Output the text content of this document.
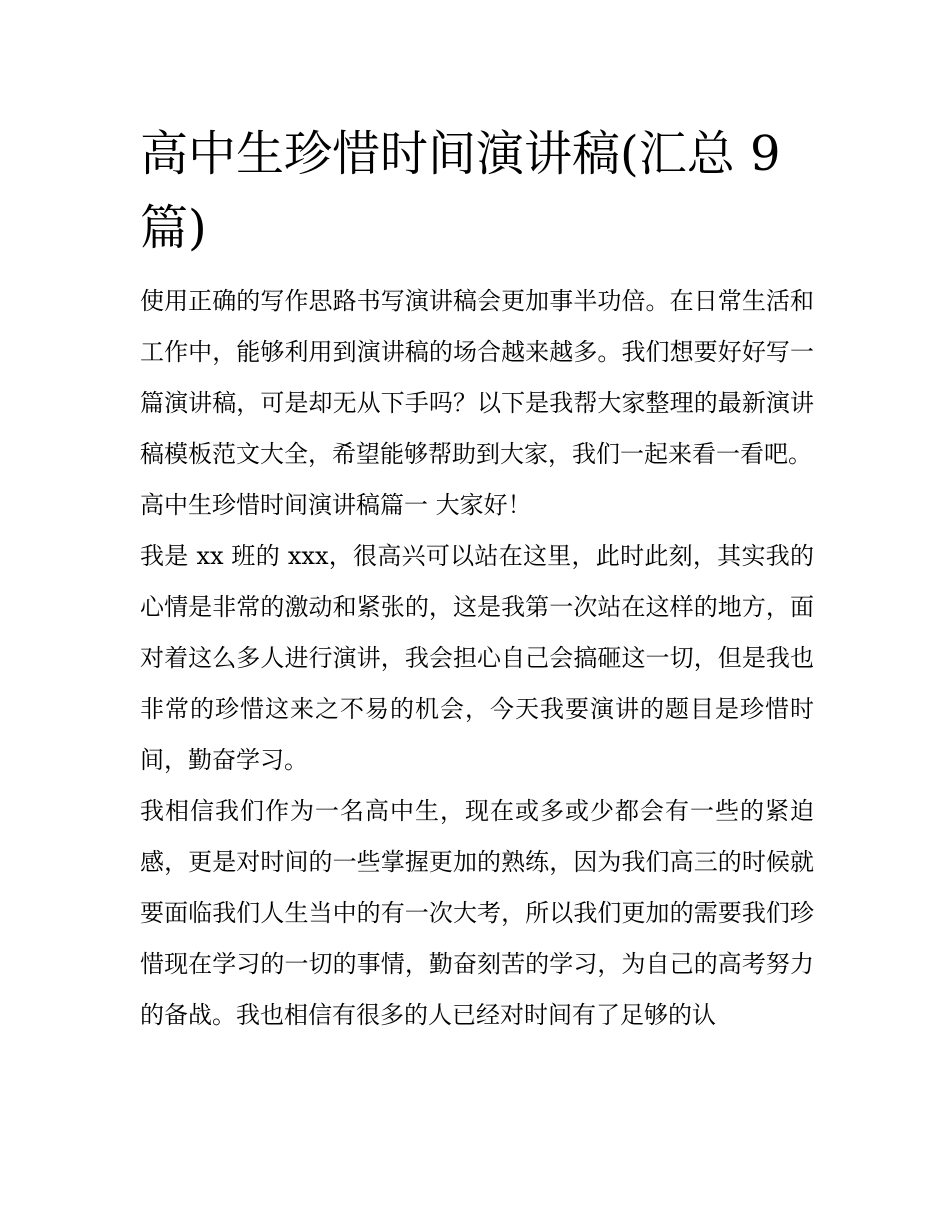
高中生珍惜时间演讲稿(汇总 9 篇)

使用正确的写作思路书写演讲稿会更加事半功倍。在日常生活和工作中，能够利用到演讲稿的场合越来越多。我们想要好好写一篇演讲稿，可是却无从下手吗？以下是我帮大家整理的最新演讲稿模板范文大全，希望能够帮助到大家，我们一起来看一看吧。

高中生珍惜时间演讲稿篇一 大家好！

我是 xx 班的 xxx，很高兴可以站在这里，此时此刻，其实我的心情是非常的激动和紧张的，这是我第一次站在这样的地方，面对着这么多人进行演讲，我会担心自己会搞砸这一切，但是我也非常的珍惜这来之不易的机会，今天我要演讲的题目是珍惜时间，勤奋学习。

我相信我们作为一名高中生，现在或多或少都会有一些的紧迫感，更是对时间的一些掌握更加的熟练，因为我们高三的时候就要面临我们人生当中的有一次大考，所以我们更加的需要我们珍惜现在学习的一切的事情，勤奋刻苦的学习，为自己的高考努力的备战。我也相信有很多的人已经对时间有了足够的认
